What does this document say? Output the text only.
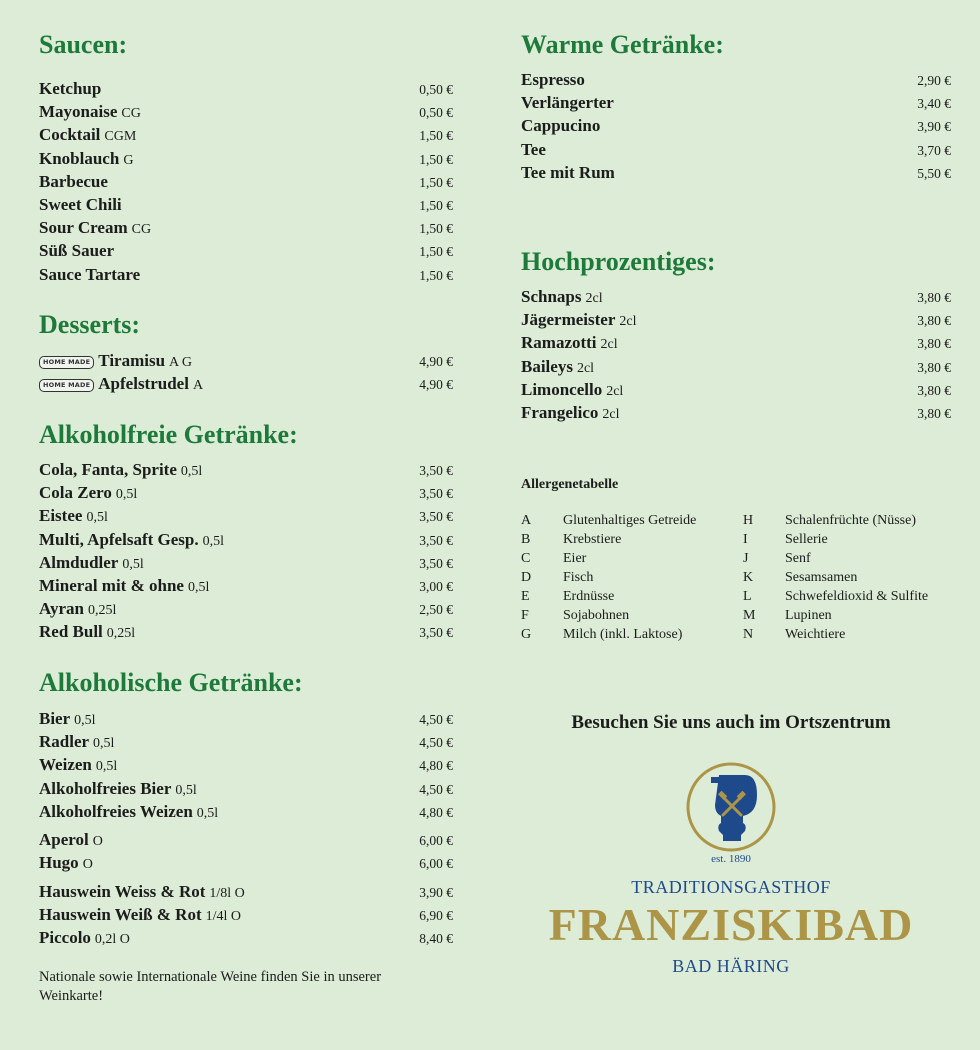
Saucen:
Ketchup	0,50 €
Mayonaise CG	0,50 €
Cocktail CGM	1,50 €
Knoblauch G	1,50 €
Barbecue	1,50 €
Sweet Chili	1,50 €
Sour Cream CG	1,50 €
Süß Sauer	1,50 €
Sauce Tartare	1,50 €
Desserts:
HOME MADE Tiramisu A G	4,90 €
HOME MADE Apfelstrudel A	4,90 €
Alkoholfreie Getränke:
Cola, Fanta, Sprite 0,5l	3,50 €
Cola Zero 0,5l	3,50 €
Eistee 0,5l	3,50 €
Multi, Apfelsaft Gesp. 0,5l	3,50 €
Almdudler 0,5l	3,50 €
Mineral mit & ohne 0,5l	3,00 €
Ayran 0,25l	2,50 €
Red Bull 0,25l	3,50 €
Alkoholische Getränke:
Bier 0,5l	4,50 €
Radler 0,5l	4,50 €
Weizen 0,5l	4,80 €
Alkoholfreies Bier 0,5l	4,50 €
Alkoholfreies Weizen 0,5l	4,80 €
Aperol O	6,00 €
Hugo O	6,00 €
Hauswein Weiss & Rot 1/8l O	3,90 €
Hauswein Weiß & Rot 1/4l O	6,90 €
Piccolo 0,2l O	8,40 €
Nationale sowie Internationale Weine finden Sie in unserer Weinkarte!
Warme Getränke:
Espresso	2,90 €
Verlängerter	3,40 €
Cappucino	3,90 €
Tee	3,70 €
Tee mit Rum	5,50 €
Hochprozentiges:
Schnaps 2cl	3,80 €
Jägermeister 2cl	3,80 €
Ramazotti 2cl	3,80 €
Baileys 2cl	3,80 €
Limoncello 2cl	3,80 €
Frangelico 2cl	3,80 €
Allergenetabelle
A Glutenhaltiges Getreide	H Schalenfrüchte (Nüsse)
B Krebstiere	I	Sellerie
C Eier	J	Senf
D Fisch	K Sesamsamen
E Erdnüsse	L Schwefeldioxid & Sulfite
F Sojabohnen	M Lupinen
G Milch (inkl. Laktose)	N Weichtiere
Besuchen Sie uns auch im Ortszentrum
est. 1890
TRADITIONSGASTHOF
FRANZISKIBAD
BAD HÄRING
